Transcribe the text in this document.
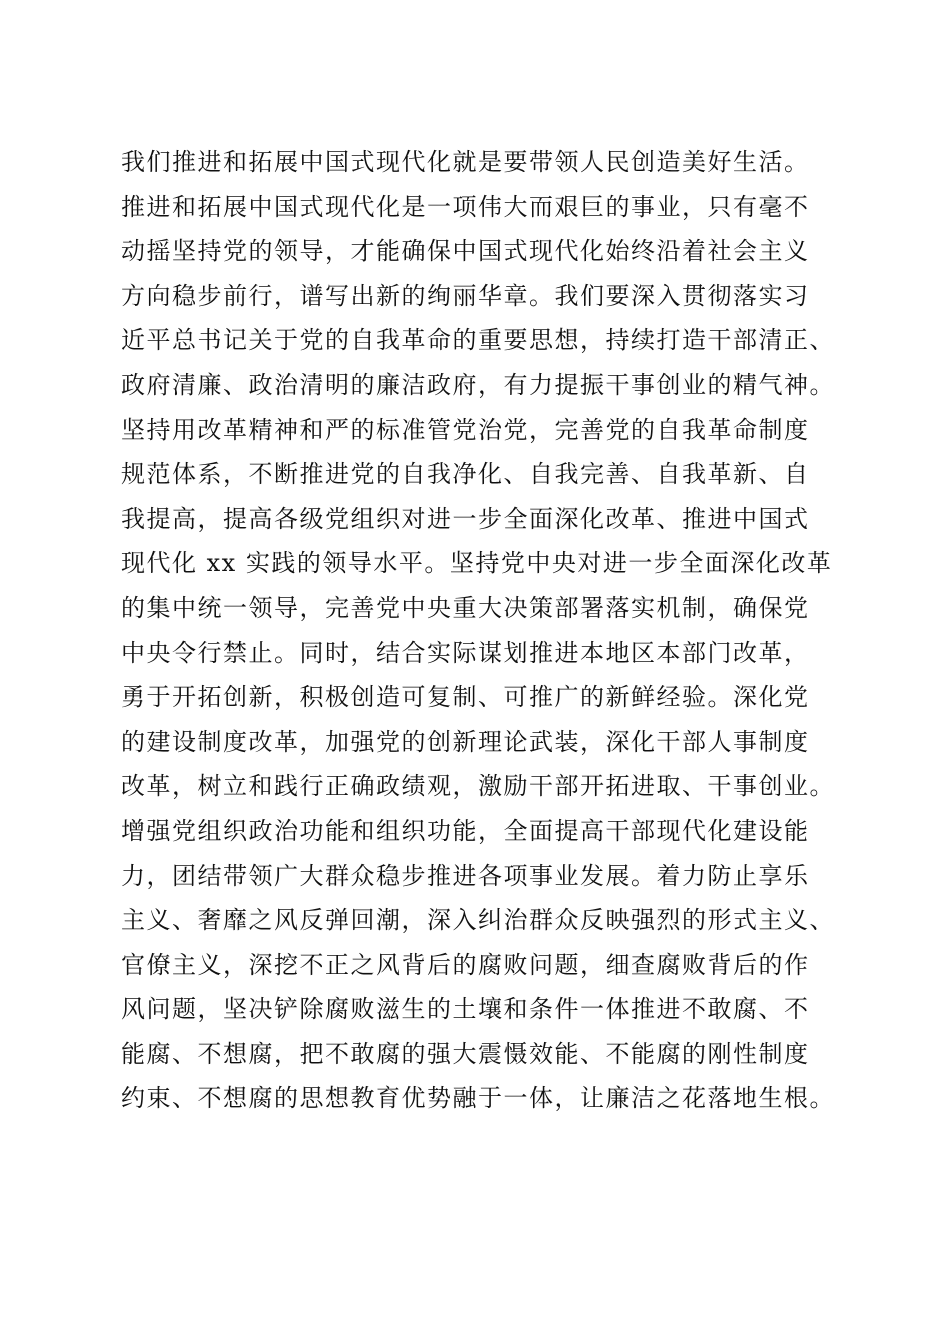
我们推进和拓展中国式现代化就是要带领人民创造美好生活。
推进和拓展中国式现代化是一项伟大而艰巨的事业，只有毫不
动摇坚持党的领导，才能确保中国式现代化始终沿着社会主义
方向稳步前行，谱写出新的绚丽华章。我们要深入贯彻落实习
近平总书记关于党的自我革命的重要思想，持续打造干部清正、
政府清廉、政治清明的廉洁政府，有力提振干事创业的精气神。
坚持用改革精神和严的标准管党治党，完善党的自我革命制度
规范体系，不断推进党的自我净化、自我完善、自我革新、自
我提高，提高各级党组织对进一步全面深化改革、推进中国式
现代化 xx 实践的领导水平。坚持党中央对进一步全面深化改革
的集中统一领导，完善党中央重大决策部署落实机制，确保党
中央令行禁止。同时，结合实际谋划推进本地区本部门改革，
勇于开拓创新，积极创造可复制、可推广的新鲜经验。深化党
的建设制度改革，加强党的创新理论武装，深化干部人事制度
改革，树立和践行正确政绩观，激励干部开拓进取、干事创业。
增强党组织政治功能和组织功能，全面提高干部现代化建设能
力，团结带领广大群众稳步推进各项事业发展。着力防止享乐
主义、奢靡之风反弹回潮，深入纠治群众反映强烈的形式主义、
官僚主义，深挖不正之风背后的腐败问题，细查腐败背后的作
风问题，坚决铲除腐败滋生的土壤和条件一体推进不敢腐、不
能腐、不想腐，把不敢腐的强大震慑效能、不能腐的刚性制度
约束、不想腐的思想教育优势融于一体，让廉洁之花落地生根。
